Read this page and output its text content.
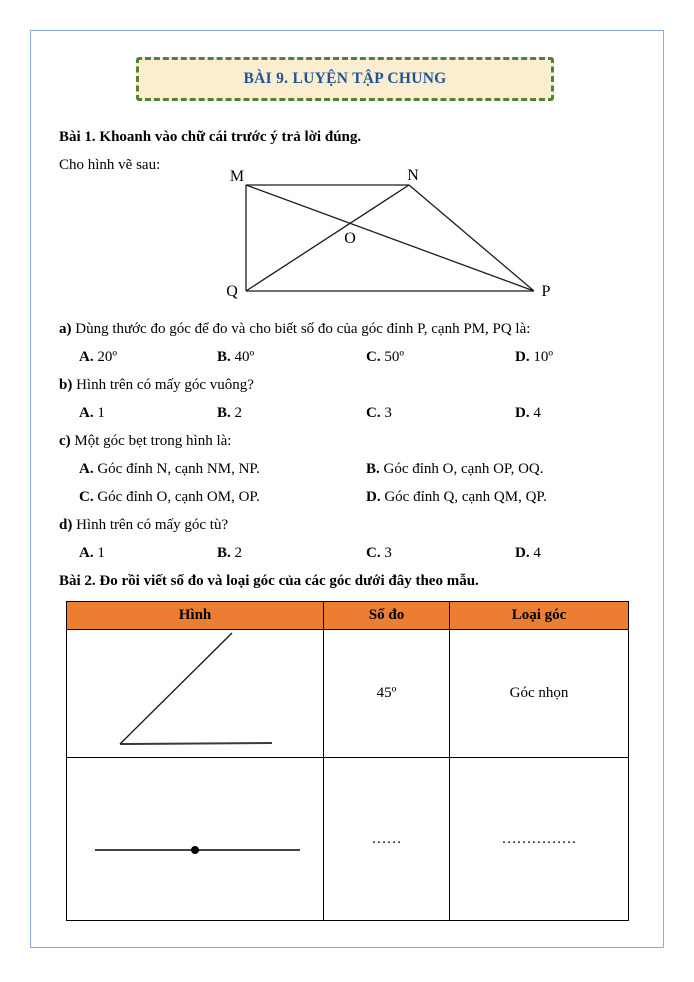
BÀI 9. LUYỆN TẬP CHUNG
Bài 1. Khoanh vào chữ cái trước ý trả lời đúng.
Cho hình vẽ sau:
M	N
O
Q	P
a) Dùng thước đo góc để đo và cho biết số đo của góc đỉnh P, cạnh PM, PQ là:
A. 20º	B. 40º	C. 50º	D. 10º
b) Hình trên có mấy góc vuông?
A. 1	B. 2	C. 3	D. 4
c) Một góc bẹt trong hình là:
A. Góc đỉnh N, cạnh NM, NP.	B. Góc đỉnh O, cạnh OP, OQ.
C. Góc đỉnh O, cạnh OM, OP.	D. Góc đỉnh Q, cạnh QM, QP.
d) Hình trên có mấy góc tù?
A. 1	B. 2	C. 3	D. 4
Bài 2. Đo rồi viết số đo và loại góc của các góc dưới đây theo mẫu.
Hình	Số đo	Loại góc
	45º	Góc nhọn
	……	……………
